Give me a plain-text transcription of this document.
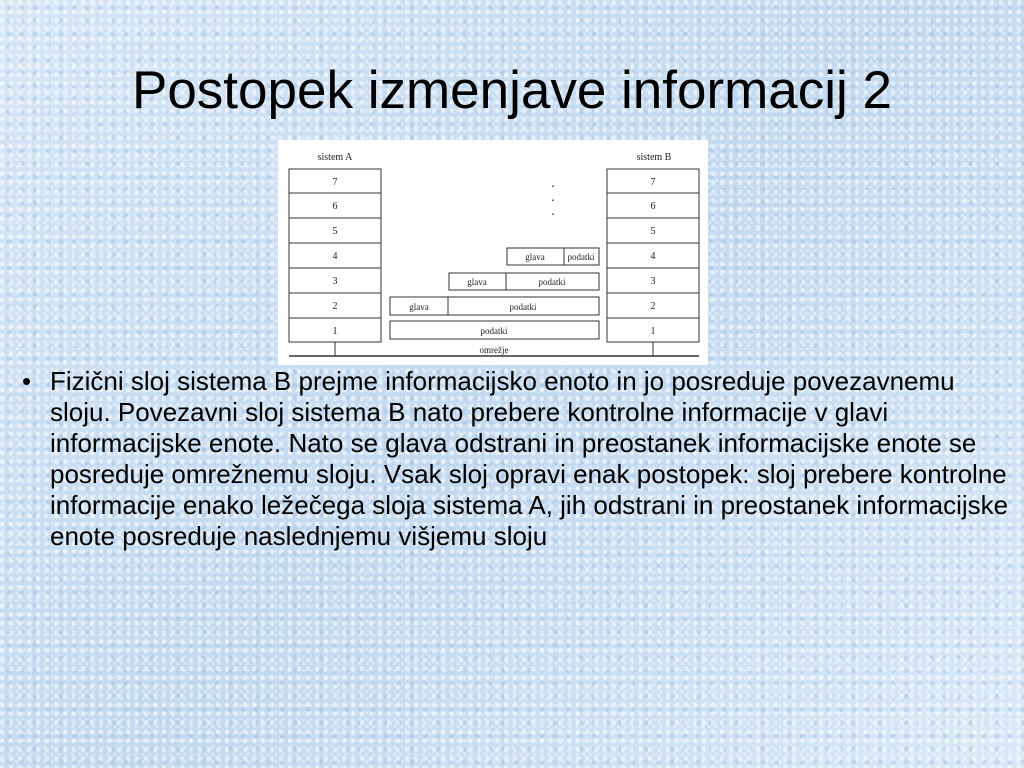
Postopek izmenjave informacij 2
sistem A	sistem B
7
6
5
4
3
2
1
7
6
5
4
3
2
1
·
·
·
glava	podatki
glava	podatki
glava	podatki
podatki
omrežje
• Fizični sloj sistema B prejme informacijsko enoto in jo posreduje povezavnemu sloju. Povezavni sloj sistema B nato prebere kontrolne informacije v glavi informacijske enote. Nato se glava odstrani in preostanek informacijske enote se posreduje omrežnemu sloju. Vsak sloj opravi enak postopek: sloj prebere kontrolne informacije enako ležečega sloja sistema A, jih odstrani in preostanek informacijske enote posreduje naslednjemu višjemu sloju
